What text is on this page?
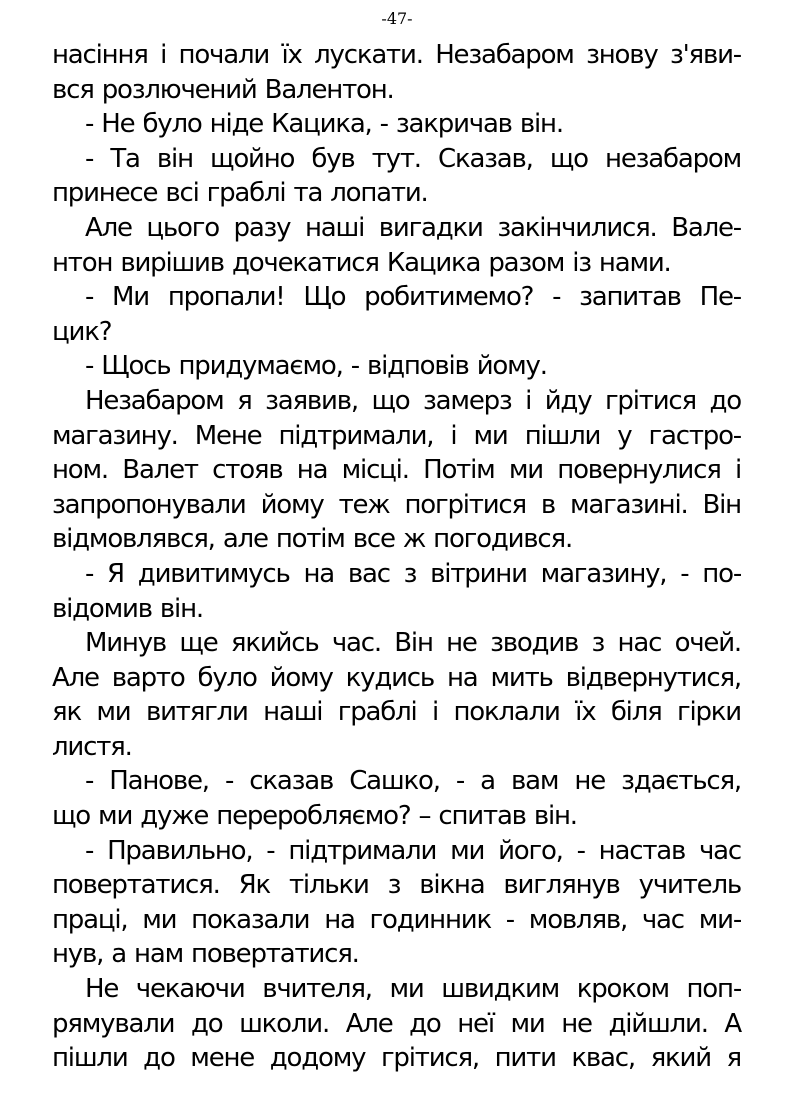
-47-
насіння і почали їх лускати. Незабаром знову з'яви-
вся розлючений Валентон.
- Не було ніде Кацика, - закричав він.
- Та він щойно був тут. Сказав, що незабаром
принесе всі граблі та лопати.
Але цього разу наші вигадки закінчилися. Вале-
нтон вирішив дочекатися Кацика разом із нами.
- Ми пропали! Що робитимемо? - запитав Пе-
цик?
- Щось придумаємо, - відповів йому.
Незабаром я заявив, що замерз і йду грітися до
магазину. Мене підтримали, і ми пішли у гастро-
ном. Валет стояв на місці. Потім ми повернулися і
запропонували йому теж погрітися в магазині. Він
відмовлявся, але потім все ж погодився.
- Я дивитимусь на вас з вітрини магазину, - по-
відомив він.
Минув ще якийсь час. Він не зводив з нас очей.
Але варто було йому кудись на мить відвернутися,
як ми витягли наші граблі і поклали їх біля гірки
листя.
- Панове, - сказав Сашко, - а вам не здається,
що ми дуже переробляємо? – спитав він.
- Правильно, - підтримали ми його, - настав час
повертатися. Як тільки з вікна виглянув учитель
праці, ми показали на годинник - мовляв, час ми-
нув, а нам повертатися.
Не чекаючи вчителя, ми швидким кроком поп-
рямували до школи. Але до неї ми не дійшли. А
пішли до мене додому грітися, пити квас, який я
